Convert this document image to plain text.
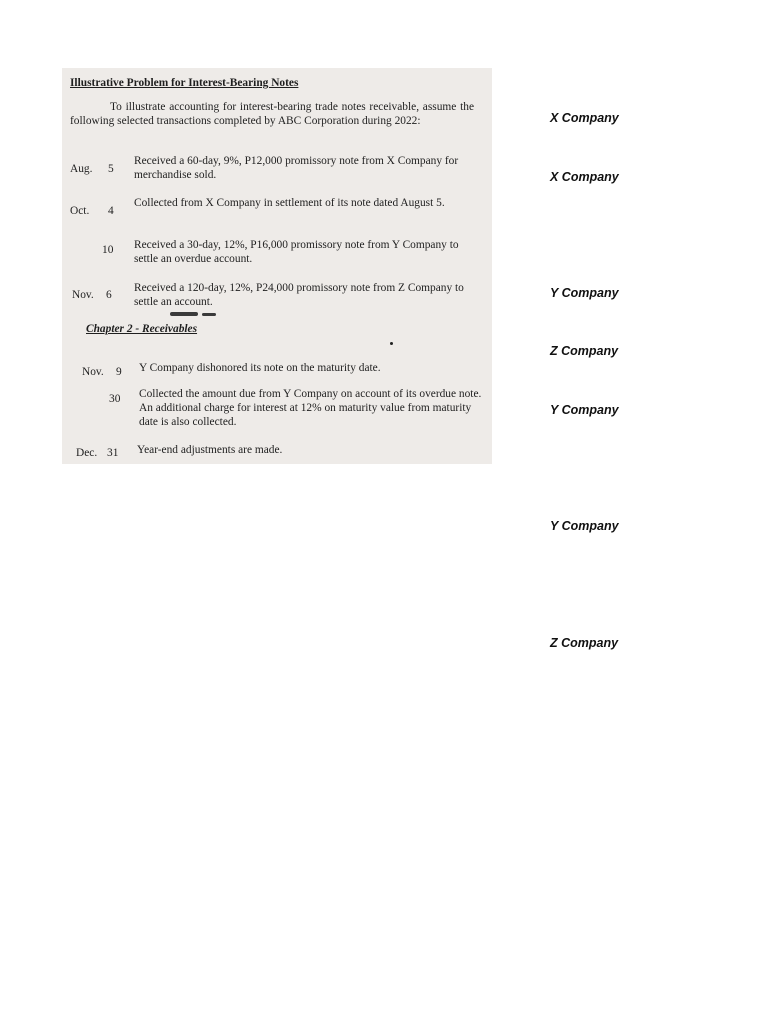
Illustrative Problem for Interest-Bearing Notes
To illustrate accounting for interest-bearing trade notes receivable, assume the following selected transactions completed by ABC Corporation during 2022:
Aug. 5
Received a 60-day, 9%, P12,000 promissory note from X Company for merchandise sold.
Oct. 4
Collected from X Company in settlement of its note dated August 5.
10 Received a 30-day, 12%, P16,000 promissory note from Y Company to settle an overdue account.
Nov. 6
Received a 120-day, 12%, P24,000 promissory note from Z Company to settle an account.
Chapter 2 - Receivables
Nov. 9 Y Company dishonored its note on the maturity date.
30 Collected the amount due from Y Company on account of its overdue note. An additional charge for interest at 12% on maturity value from maturity date is also collected.
Dec. 31 Year-end adjustments are made.
X Company
X Company
Y Company
Z Company
Y Company
Y Company
Z Company
